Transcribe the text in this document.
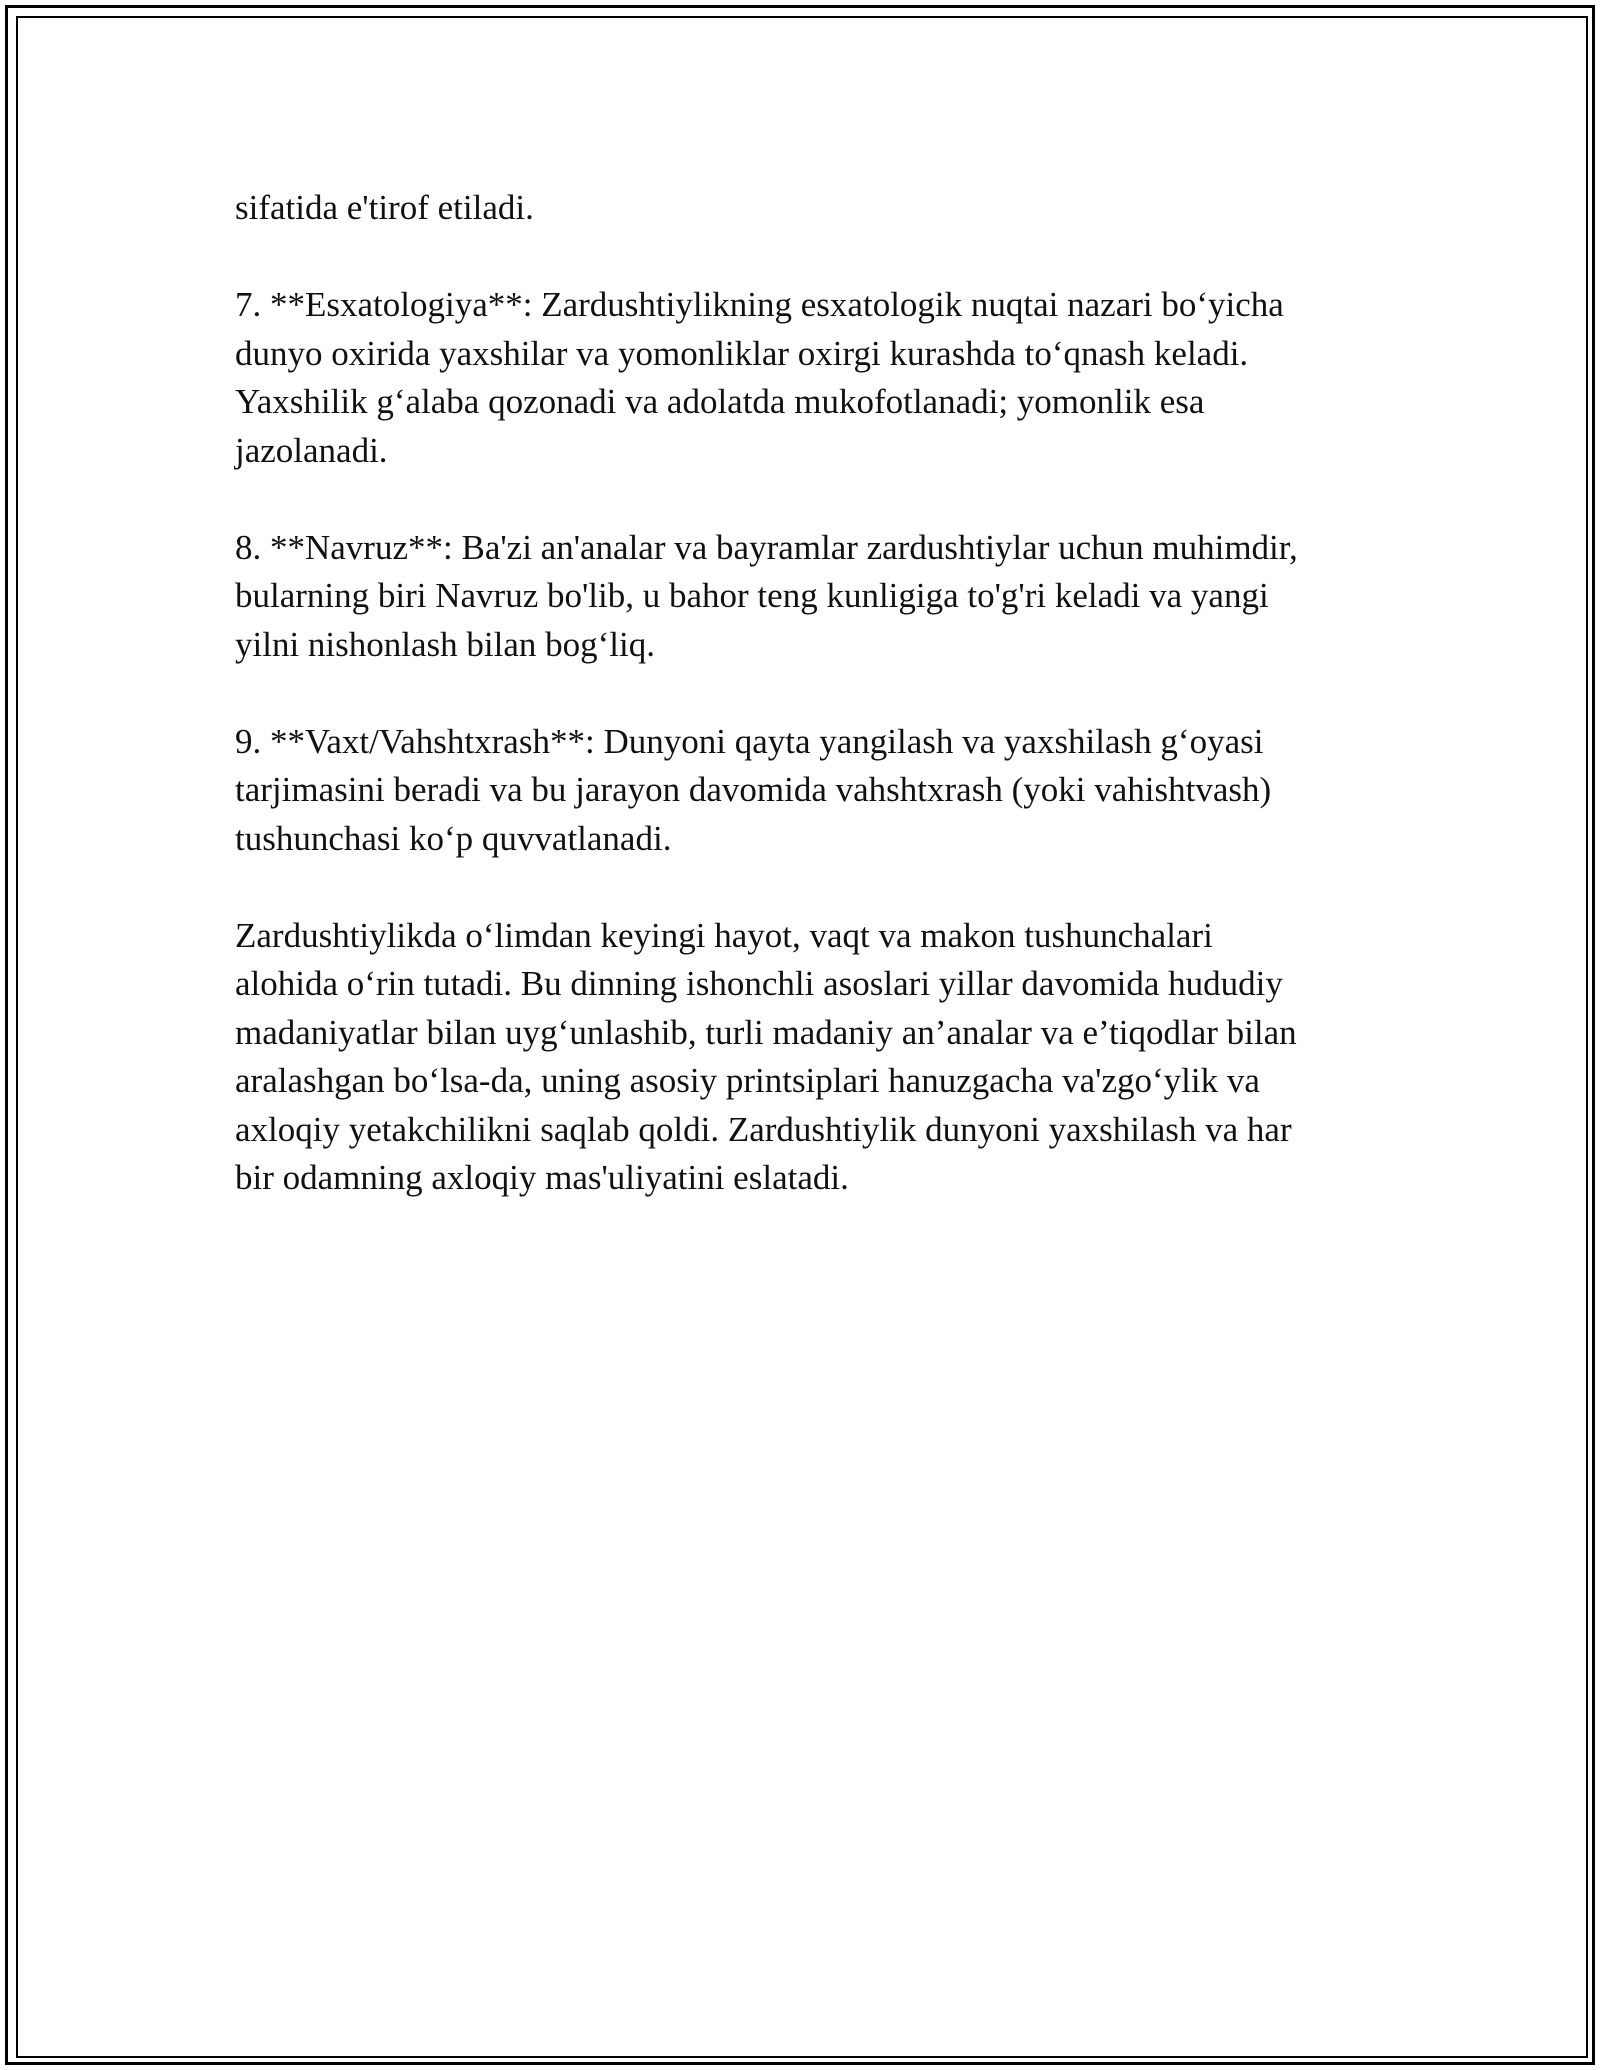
sifatida e'tirof etiladi.

7. **Esxatologiya**: Zardushtiylikning esxatologik nuqtai nazari bo‘yicha
dunyo oxirida yaxshilar va yomonliklar oxirgi kurashda to‘qnash keladi.
Yaxshilik g‘alaba qozonadi va adolatda mukofotlanadi; yomonlik esa
jazolanadi.

8. **Navruz**: Ba'zi an'analar va bayramlar zardushtiylar uchun muhimdir,
bularning biri Navruz bo'lib, u bahor teng kunligiga to'g'ri keladi va yangi
yilni nishonlash bilan bog‘liq.

9. **Vaxt/Vahshtxrash**: Dunyoni qayta yangilash va yaxshilash g‘oyasi
tarjimasini beradi va bu jarayon davomida vahshtxrash (yoki vahishtvash)
tushunchasi ko‘p quvvatlanadi.

Zardushtiylikda o‘limdan keyingi hayot, vaqt va makon tushunchalari
alohida o‘rin tutadi. Bu dinning ishonchli asoslari yillar davomida hududiy
madaniyatlar bilan uyg‘unlashib, turli madaniy an’analar va e’tiqodlar bilan
aralashgan bo‘lsa-da, uning asosiy printsiplari hanuzgacha va'zgo‘ylik va
axloqiy yetakchilikni saqlab qoldi. Zardushtiylik dunyoni yaxshilash va har
bir odamning axloqiy mas'uliyatini eslatadi.
